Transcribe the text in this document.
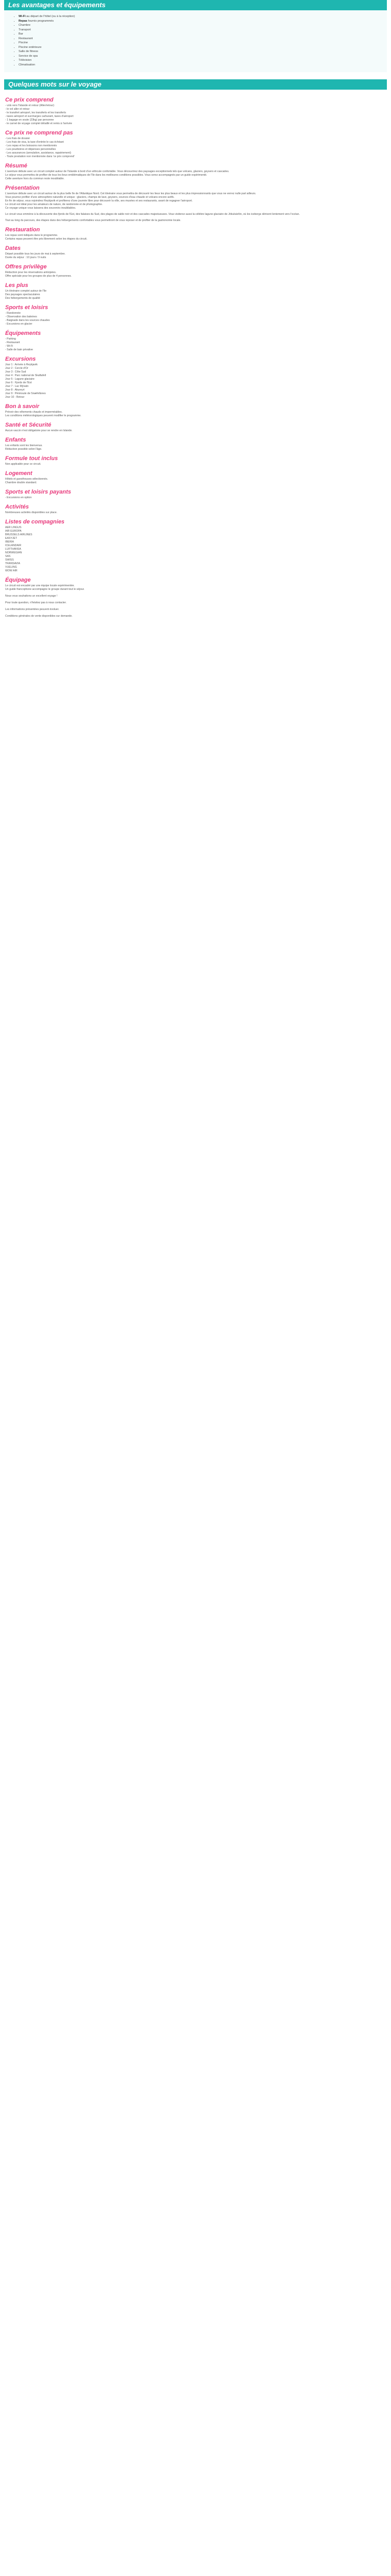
Les avantages et équipements
• Wi-Fi au départ de l'hôtel (ou à la réception)
• Repas fournis programmés
• Chambre
• Transport
• Bar
• Restaurant
• Piscine
• Piscine extérieure
• Salle de fitness
• Service de spa
• Télévision
• Climatisation
Quelques mots sur le voyage
Ce prix comprend

- vols vers l'Islande et retour (Aller/retour)

- le vol aller et retour

- le transfert aéroport, les transferts et les transferts

- taxes aéroport et surcharges carburant, taxes d'aéroport

- 1 bagage en soute (23kg) par personne

- le carnet de voyage complet détaillé et remis à l'arrivée

Ce prix ne comprend pas

- Les frais de dossier

- Les frais de visa, la taxe d'entrée le cas échéant

- Les repas et les boissons non mentionnés

- Les pourboires et dépenses personnelles

- Les assurances (annulation, assistance, rapatriement)

- Toute prestation non mentionnée dans 'ce prix comprend'

Résumé

L'aventure débute avec un circuit complet autour de l'Islande à bord d'un véhicule confortable. Vous découvrirez des paysages exceptionnels tels que volcans, glaciers, geysers et cascades.

Le séjour vous permettra de profiter de tous les lieux emblématiques de l'île dans les meilleures conditions possibles. Vous serez accompagnés par un guide expérimenté.

Cette aventure hors du commun reste inoubliable.

Présentation

L'aventure débute avec un circuit autour de la plus belle île de l'Atlantique Nord. Cet itinéraire vous permettra de découvrir les lieux les plus beaux et les plus impressionnants que vous ne verrez nulle part ailleurs.

Vous pourrez profiter d'une atmosphère naturelle et unique : glaciers, champs de lave, geysers, sources d'eau chaude et volcans encore actifs.

En fin de séjour, vous rejoindrez Reykjavik et profiterez d'une journée libre pour découvrir la ville, ses musées et ses restaurants, avant de regagner l'aéroport.

Le circuit est idéal pour les amateurs de nature, de randonnée et de photographie.

Ce voyage unique vous laissera des souvenirs inoubliables.

Le circuit vous emmène à la découverte des fjords de l'Est, des falaises du Sud, des plages de sable noir et des cascades majestueuses. Vous visiterez aussi la célèbre lagune glaciaire de Jökulsárlón, où les icebergs dérivent lentement vers l'océan.

Tout au long du parcours, des étapes dans des hébergements confortables vous permettront de vous reposer et de profiter de la gastronomie locale.

Restauration

Les repas sont indiqués dans le programme.

Certains repas peuvent être pris librement selon les étapes du circuit.

Dates

Départ possible tous les jours de mai à septembre.

Durée du séjour : 10 jours / 9 nuits

Offres privilège

Réduction pour les réservations anticipées.

Offre spéciale pour les groupes de plus de 4 personnes.

Les plus

Un itinéraire complet autour de l'île

Des paysages spectaculaires

Des hébergements de qualité

Sports et loisirs

- Randonnée

- Observation des baleines

- Baignade dans les sources chaudes

- Excursions en glacier

Équipements

- Parking

- Restaurant

- Wi-Fi

- Salle de bain privative

Excursions

Jour 1 : Arrivée à Reykjavik

Jour 2 : Cercle d'Or

Jour 3 : Côte Sud

Jour 4 : Parc national de Skaftafell

Jour 5 : Lagune glaciaire

Jour 6 : Fjords de l'Est

Jour 7 : Lac Mývatn

Jour 8 : Akureyri

Jour 9 : Péninsule de Snæfellsnes

Jour 10 : Retour

Bon à savoir

Prévoir des vêtements chauds et imperméables.

Les conditions météorologiques peuvent modifier le programme.

Santé et Sécurité

Aucun vaccin n'est obligatoire pour se rendre en Islande.

Enfants

Les enfants sont les bienvenus.

Réduction possible selon l'âge.

Formule tout inclus

Non applicable pour ce circuit.

Logement

Hôtels et guesthouses sélectionnés.

Chambre double standard.

Sports et loisirs payants

- Excursions en option

Activités

Nombreuses activités disponibles sur place.

Listes de compagnies

AER LINGUS

AIR EUROPA

BRUSSELS AIRLINES

EASYJET

IBERIA

ICELANDAIR

LUFTHANSA

NORWEGIAN

SAS

SWISS

TRANSAVIA

VUELING

WOW AIR

Équipage

Le circuit est encadré par une équipe locale expérimentée.

Un guide francophone accompagne le groupe durant tout le séjour.

Nous vous souhaitons un excellent voyage !

Pour toute question, n'hésitez pas à nous contacter.

Les informations présentées peuvent évoluer.

Conditions générales de vente disponibles sur demande.
